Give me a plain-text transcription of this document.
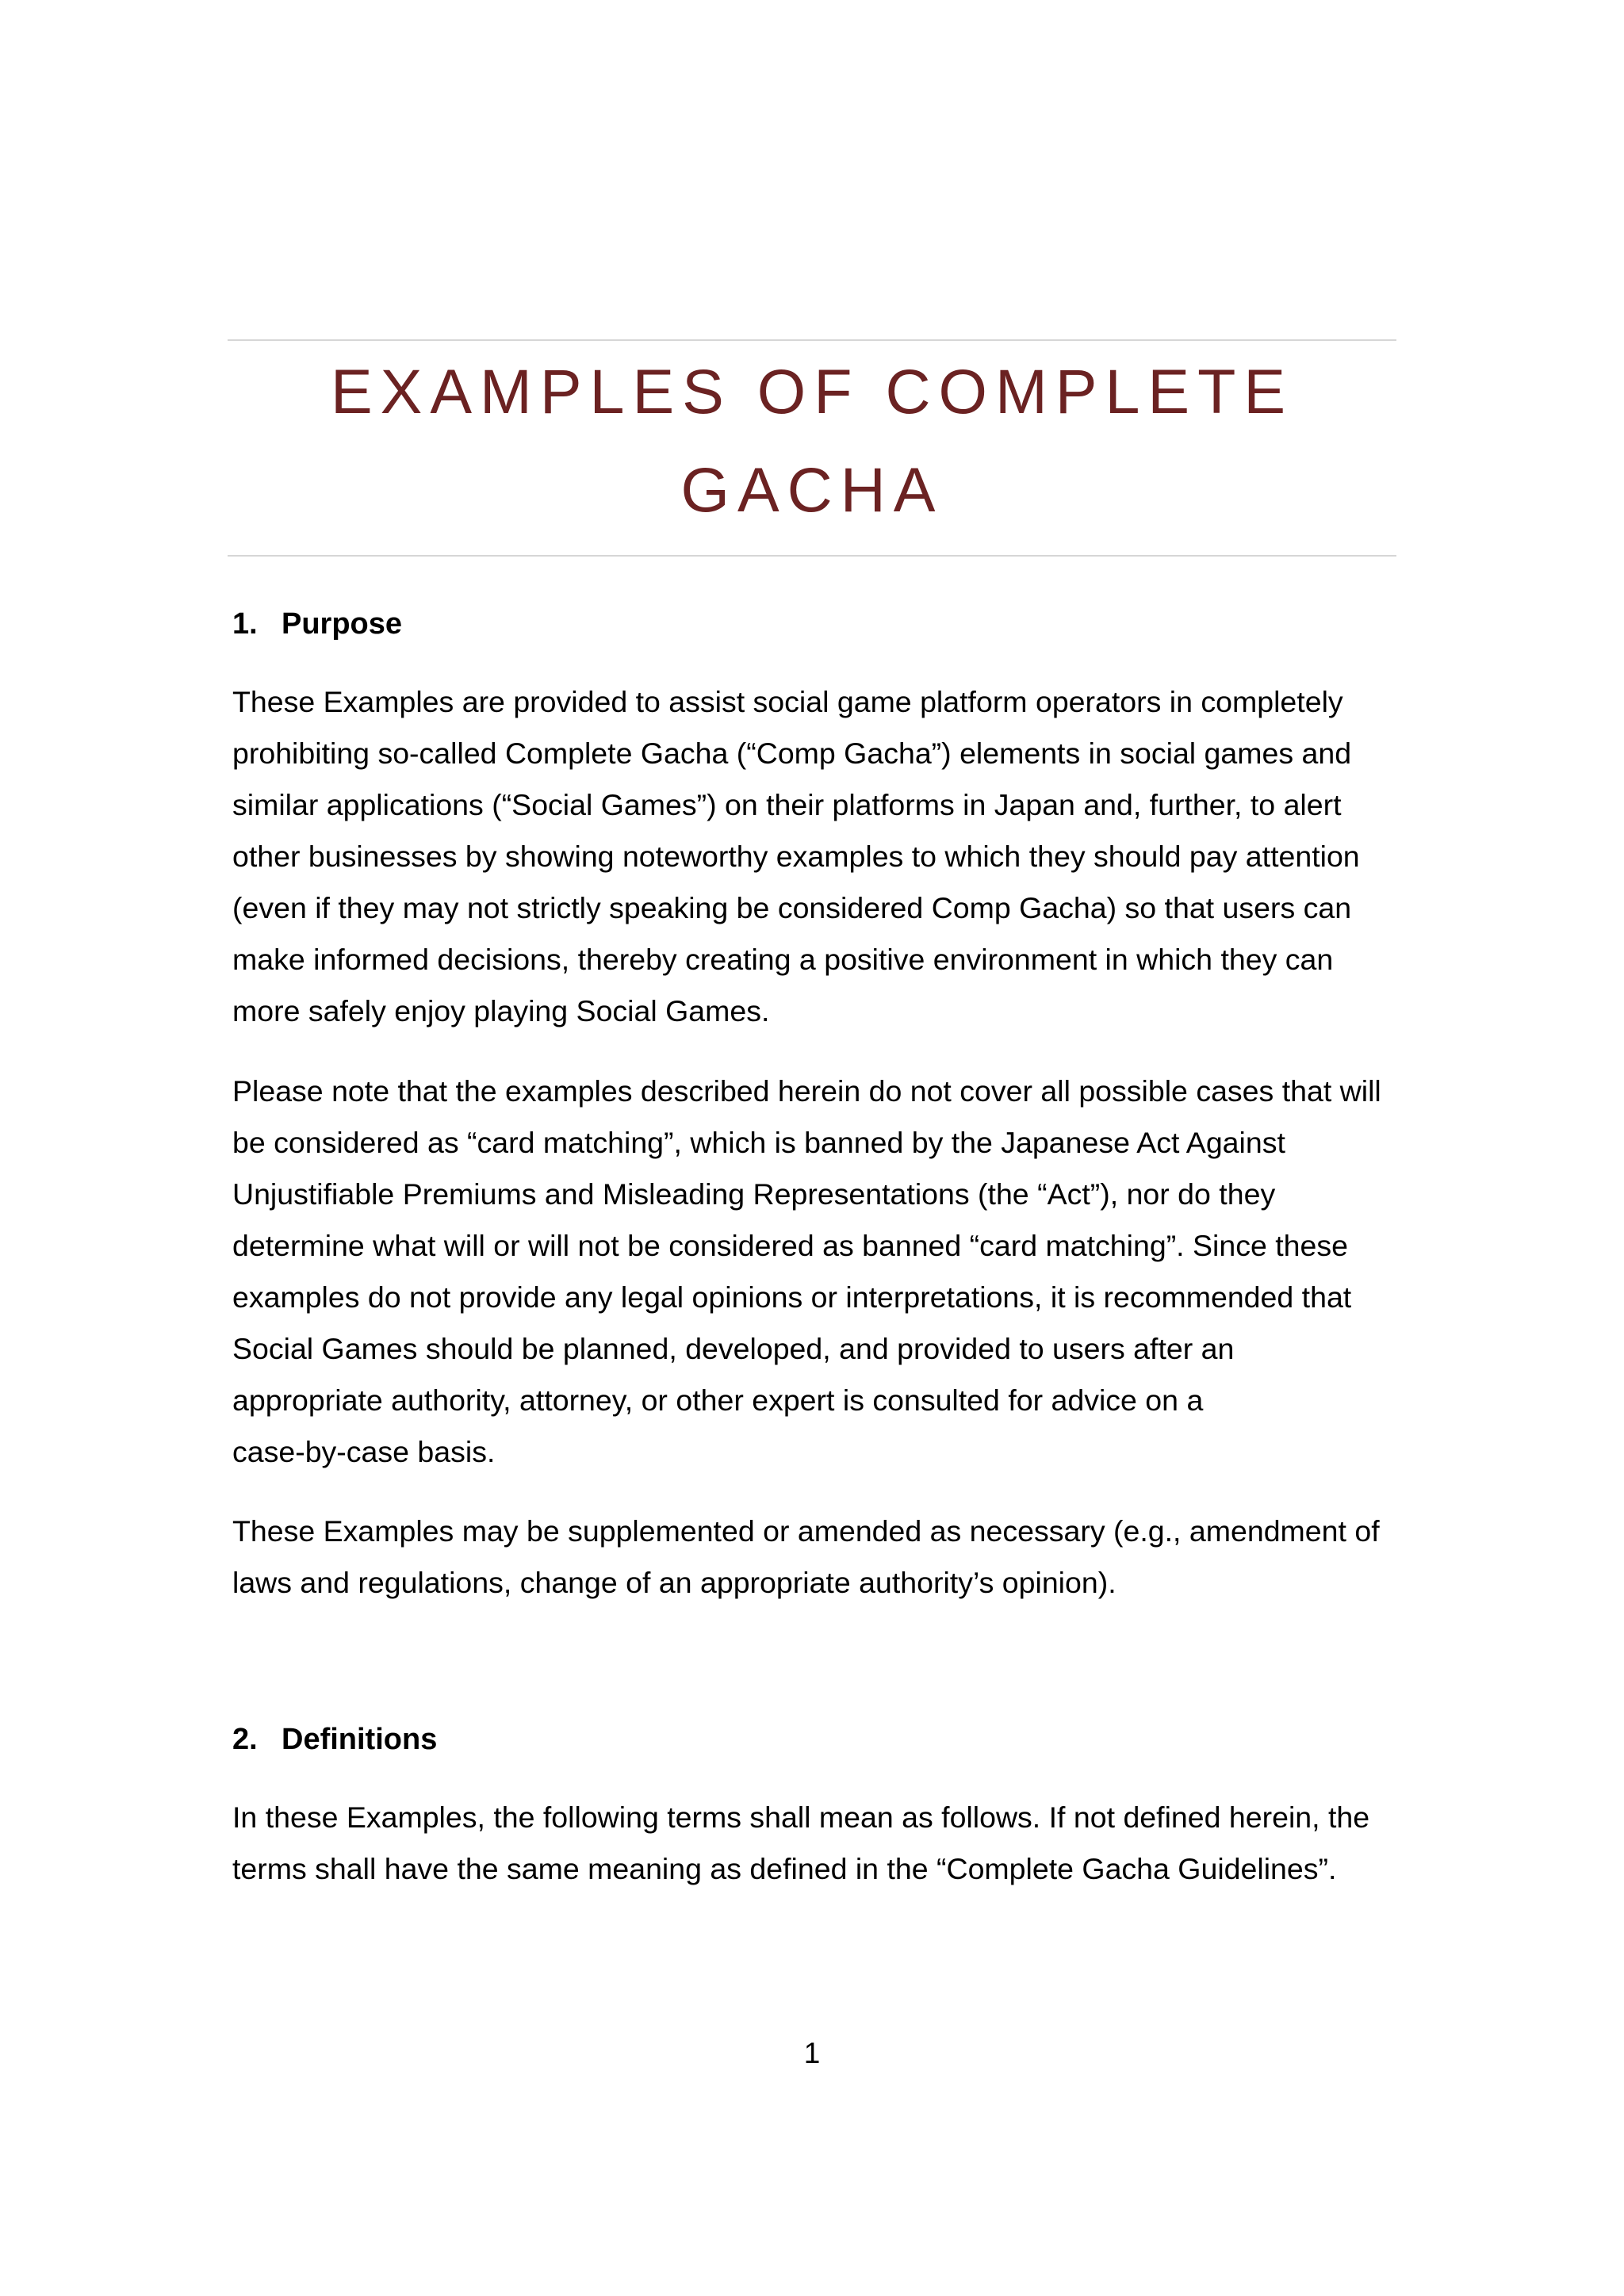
EXAMPLES OF COMPLETE
GACHA
1. Purpose
These Examples are provided to assist social game platform operators in completely
prohibiting so-called Complete Gacha (“Comp Gacha”) elements in social games and
similar applications (“Social Games”) on their platforms in Japan and, further, to alert
other businesses by showing noteworthy examples to which they should pay attention
(even if they may not strictly speaking be considered Comp Gacha) so that users can
make informed decisions, thereby creating a positive environment in which they can
more safely enjoy playing Social Games.
Please note that the examples described herein do not cover all possible cases that will
be considered as “card matching”, which is banned by the Japanese Act Against
Unjustifiable Premiums and Misleading Representations (the “Act”), nor do they
determine what will or will not be considered as banned “card matching”. Since these
examples do not provide any legal opinions or interpretations, it is recommended that
Social Games should be planned, developed, and provided to users after an
appropriate authority, attorney, or other expert is consulted for advice on a
case-by-case basis.
These Examples may be supplemented or amended as necessary (e.g., amendment of
laws and regulations, change of an appropriate authority’s opinion).
2. Definitions
In these Examples, the following terms shall mean as follows. If not defined herein, the
terms shall have the same meaning as defined in the “Complete Gacha Guidelines”.
1
